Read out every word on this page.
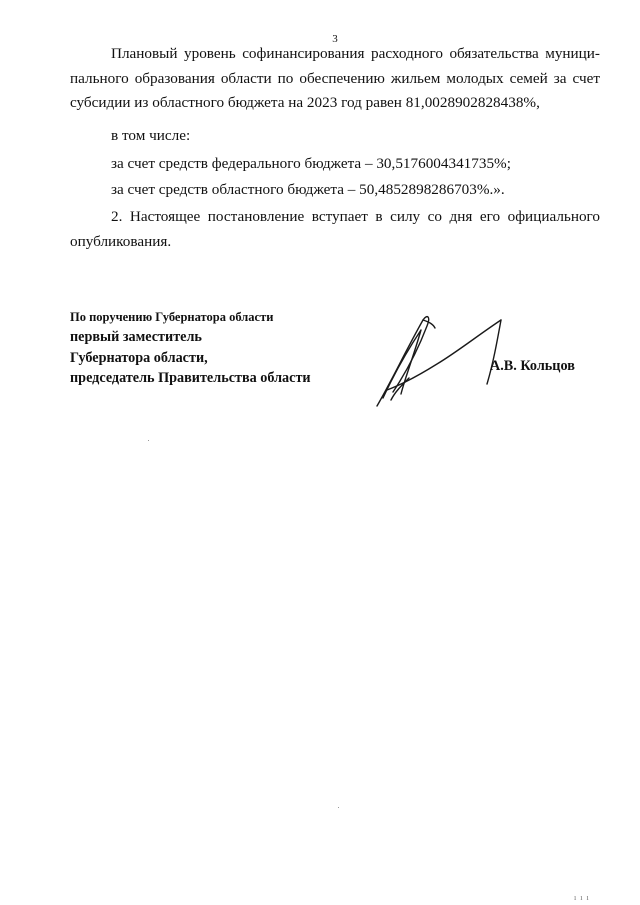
3
Плановый уровень софинансирования расходного обязательства муници-
пального образования области по обеспечению жильем молодых семей за счет
субсидии из областного бюджета на 2023 год равен 81,0028902828438%,
в том числе:
за счет средств федерального бюджета – 30,5176004341735%;
за счет средств областного бюджета – 50,4852898286703%.».
2. Настоящее постановление вступает в силу со дня его официального
опубликования.
По поручению Губернатора области
первый заместитель
Губернатора области,
председатель Правительства области
А.В. Кольцов
ı ı ı
